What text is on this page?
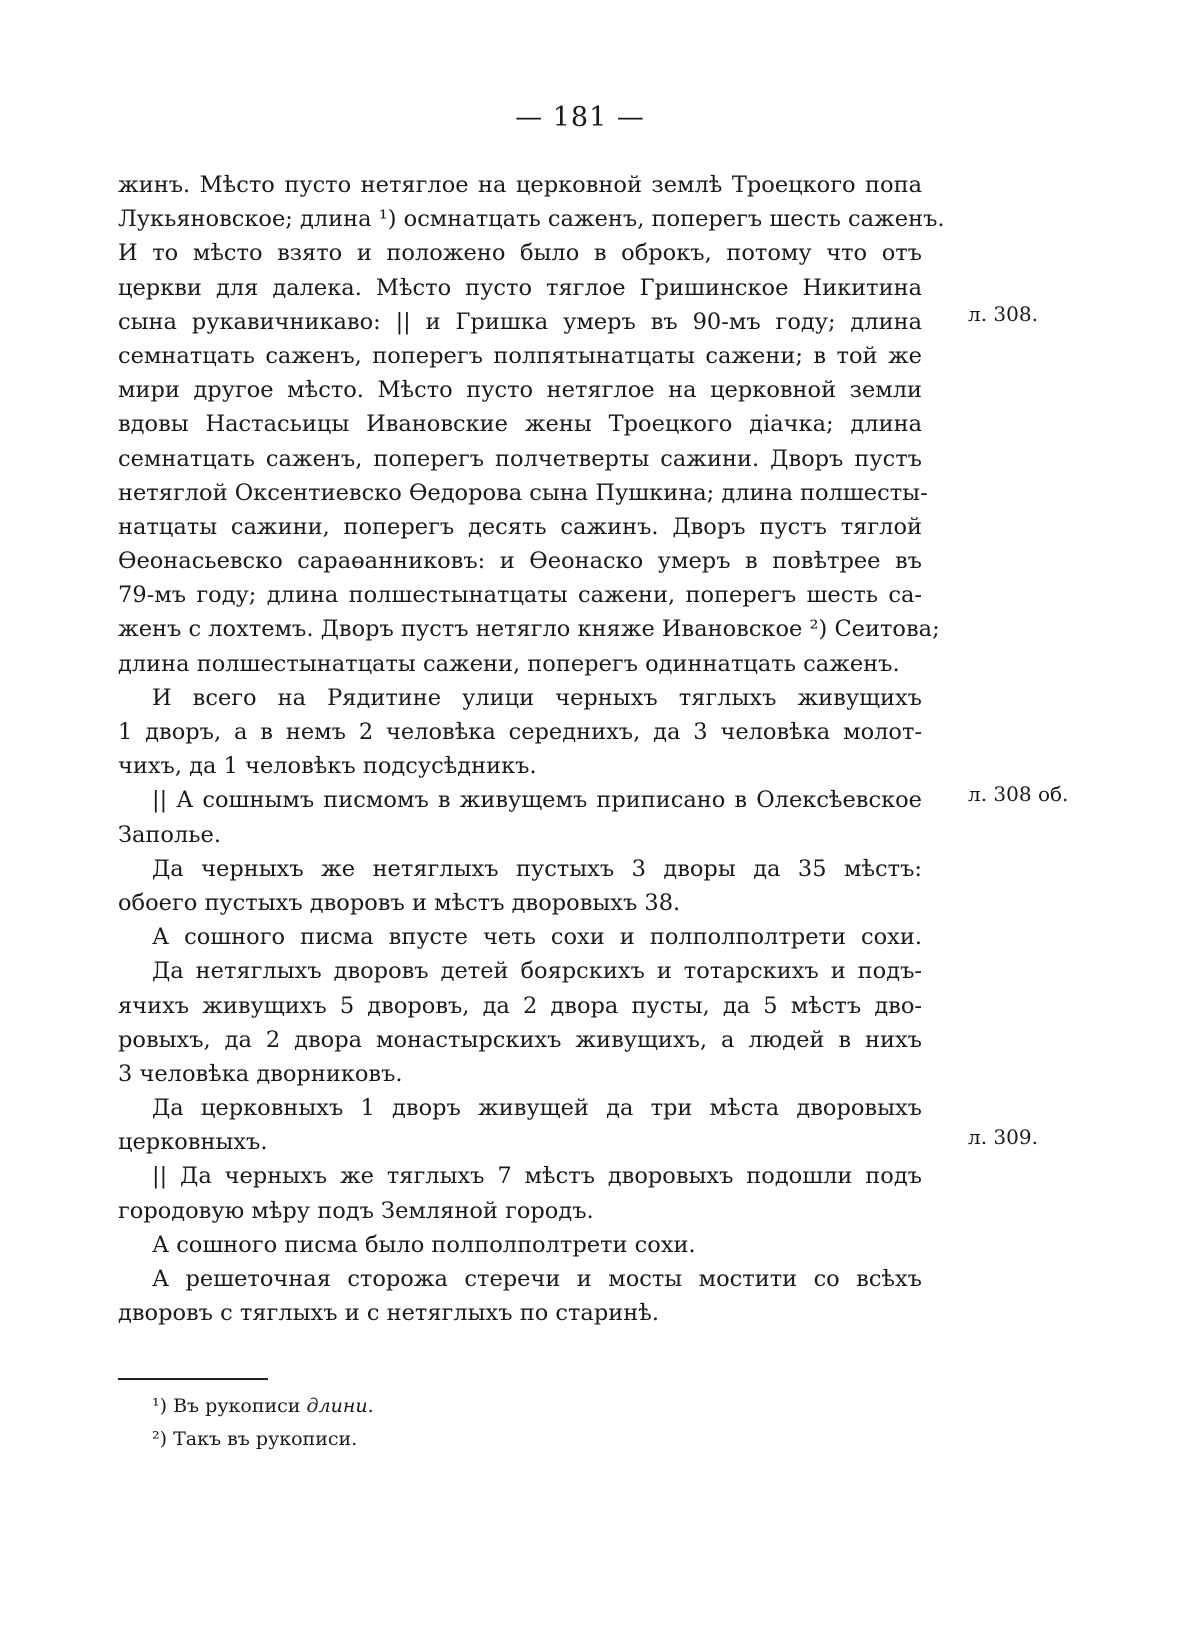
— 181 —
жинъ. Мѣсто пусто нетяглое на церковной землѣ Троецкого попа
Лукьяновское; длина ¹) осмнатцать саженъ, поперегъ шесть саженъ.
И то мѣсто взято и положено было в оброкъ, потому что отъ
церкви для далека. Мѣсто пусто тяглое Гришинское Никитина
сына рукавичникаво: || и Гришка умеръ въ 90-мъ году; длина
семнатцать саженъ, поперегъ полпятынатцаты сажени; в той же
мири другое мѣсто. Мѣсто пусто нетяглое на церковной земли
вдовы Настасьицы Ивановские жены Троецкого дiачка; длина
семнатцать саженъ, поперегъ полчетверты сажини. Дворъ пустъ
нетяглой Оксентиевско Өедорова сына Пушкина; длина полшесты-
натцаты сажини, поперегъ десять сажинъ. Дворъ пустъ тяглой
Өеонасьевско сараөанниковъ: и Өеонаско умеръ в повѣтрее въ
79-мъ году; длина полшестынатцаты сажени, поперегъ шесть са-
женъ с лохтемъ. Дворъ пустъ нетягло княже Ивановское ²) Сеитова;
длина полшестынатцаты сажени, поперегъ одиннатцать саженъ.
И всего на Рядитине улици черныхъ тяглыхъ живущихъ
1 дворъ, а в немъ 2 человѣка середнихъ, да 3 человѣка молот-
чихъ, да 1 человѣкъ подсусѣдникъ.
|| А сошнымъ писмомъ в живущемъ приписано в Олексѣевское
Заполье.
Да черныхъ же нетяглыхъ пустыхъ 3 дворы да 35 мѣстъ:
обоего пустыхъ дворовъ и мѣстъ дворовыхъ 38.
А сошного писма впусте четь сохи и полполполтрети сохи.
Да нетяглыхъ дворовъ детей боярскихъ и тотарскихъ и подъ-
ячихъ живущихъ 5 дворовъ, да 2 двора пусты, да 5 мѣстъ дво-
ровыхъ, да 2 двора монастырскихъ живущихъ, а людей в нихъ
3 человѣка дворниковъ.
Да церковныхъ 1 дворъ живущей да три мѣста дворовыхъ
церковныхъ.
|| Да черныхъ же тяглыхъ 7 мѣстъ дворовыхъ подошли подъ
городовую мѣру подъ Земляной городъ.
А сошного писма было полполполтрети сохи.
А решеточная сторожа стеречи и мосты мостити со всѣхъ
дворовъ с тяглыхъ и с нетяглыхъ по старинѣ.
л. 308.
л. 308 об.
л. 309.
¹) Въ рукописи длини.
²) Такъ въ рукописи.
